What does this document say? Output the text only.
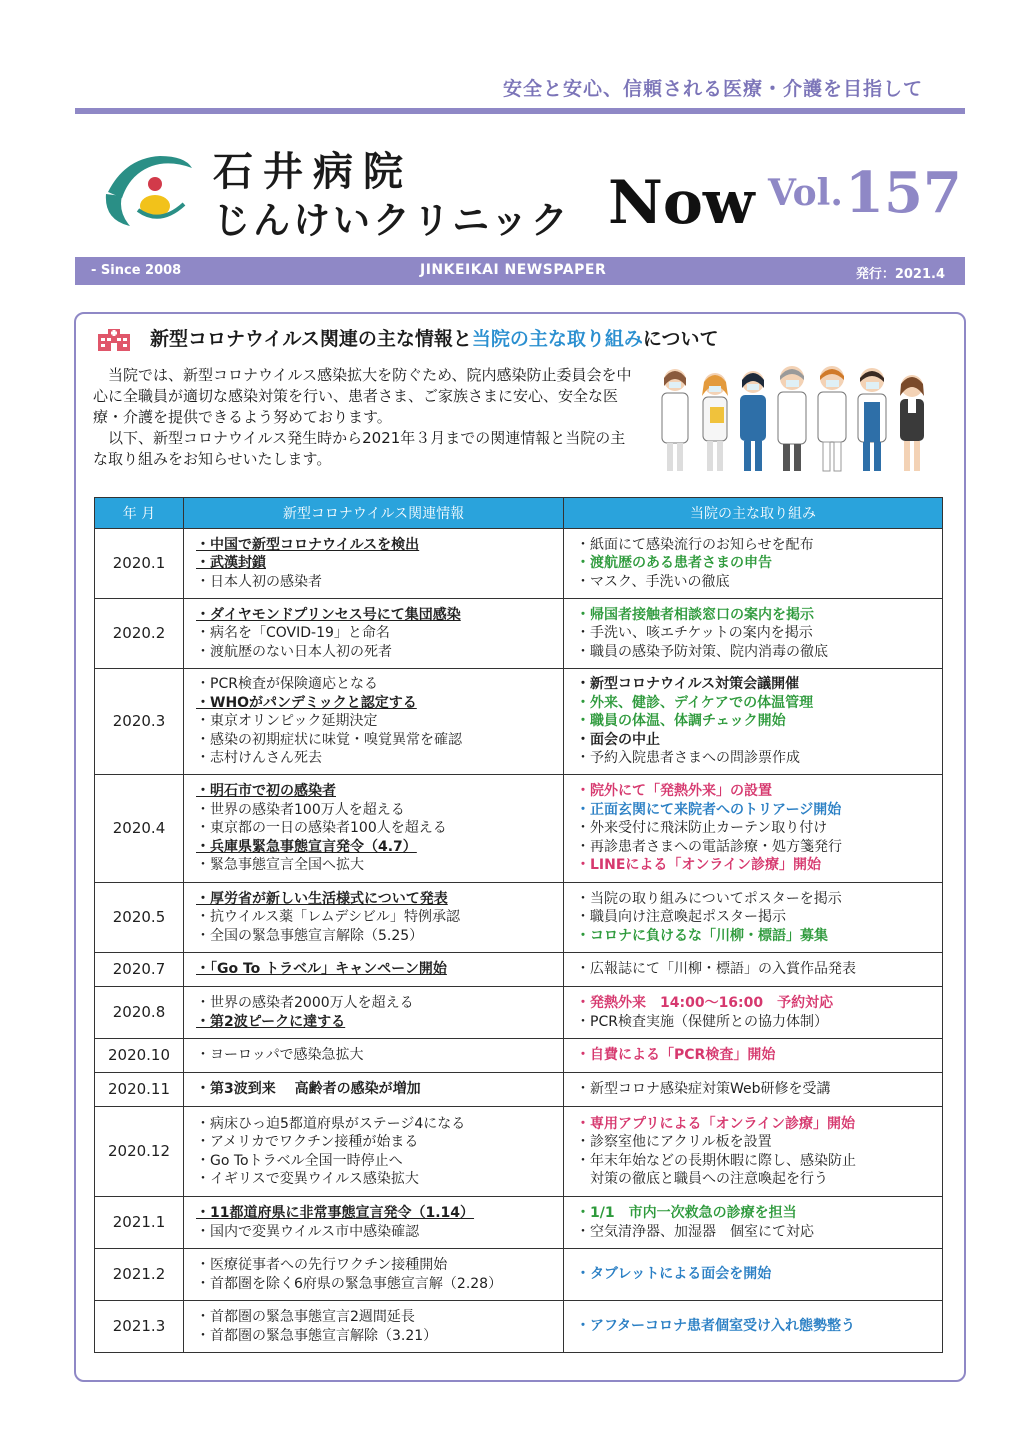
安全と安心、信頼される医療・介護を目指して
石井病院
じんけいクリニック Now Vol. 157
- Since 2008	JINKEIKAI NEWSPAPER	発行：2021.4
新型コロナウイルス関連の主な情報と当院の主な取り組みについて

当院では、新型コロナウイルス感染拡大を防ぐため、院内感染防止委員会を中心に全職員が適切な感染対策を行い、患者さま、ご家族さまに安心、安全な医療・介護を提供できるよう努めております。

以下、新型コロナウイルス発生時から2021年３月までの関連情報と当院の主な取り組みをお知らせいたします。

年 月	新型コロナウイルス関連情報	当院の主な取り組み
2020.1	・中国で新型コロナウイルスを検出
・武漢封鎖
・日本人初の感染者	・紙面にて感染流行のお知らせを配布
・渡航歴のある患者さまの申告
・マスク、手洗いの徹底

2020.2	・ダイヤモンドプリンセス号にて集団感染
・病名を「COVID-19」と命名
・渡航歴のない日本人初の死者	・帰国者接触者相談窓口の案内を掲示
・手洗い、咳エチケットの案内を掲示
・職員の感染予防対策、院内消毒の徹底

2020.3	・PCR検査が保険適応となる
・WHOがパンデミックと認定する
・東京オリンピック延期決定
・感染の初期症状に味覚・嗅覚異常を確認
・志村けんさん死去	・新型コロナウイルス対策会議開催
・外来、健診、デイケアでの体温管理
・職員の体温、体調チェック開始
・面会の中止
・予約入院患者さまへの問診票作成

2020.4	・明石市で初の感染者
・世界の感染者100万人を超える
・東京都の一日の感染者100人を超える
・兵庫県緊急事態宣言発令（4.7）
・緊急事態宣言全国へ拡大	・院外にて「発熱外来」の設置
・正面玄関にて来院者へのトリアージ開始
・外来受付に飛沫防止カーテン取り付け
・再診患者さまへの電話診療・処方箋発行
・LINEによる「オンライン診療」開始

2020.5	・厚労省が新しい生活様式について発表
・抗ウイルス薬「レムデシビル」特例承認
・全国の緊急事態宣言解除（5.25）	・当院の取り組みについてポスターを掲示
・職員向け注意喚起ポスター掲示
・コロナに負けるな「川柳・標語」募集

2020.7	・「Go To トラベル」キャンペーン開始	・広報誌にて「川柳・標語」の入賞作品発表

2020.8	・世界の感染者2000万人を超える
・第2波ピークに達する	・発熱外来　14:00～16:00　予約対応
・PCR検査実施（保健所との協力体制）

2020.10	・ヨーロッパで感染急拡大	・自費による「PCR検査」開始

2020.11	・第3波到来　 高齢者の感染が増加	・新型コロナ感染症対策Web研修を受講

2020.12	・病床ひっ迫5都道府県がステージ4になる
・アメリカでワクチン接種が始まる
・Go Toトラベル全国一時停止へ
・イギリスで変異ウイルス感染拡大	・専用アプリによる「オンライン診療」開始
・診察室他にアクリル板を設置
・年末年始などの長期休暇に際し、感染防止
　対策の徹底と職員への注意喚起を行う

2021.1	・11都道府県に非常事態宣言発令（1.14）
・国内で変異ウイルス市中感染確認	・1/1　市内一次救急の診療を担当
・空気清浄器、加湿器　個室にて対応

2021.2	・医療従事者への先行ワクチン接種開始
・首都圏を除く6府県の緊急事態宣言解（2.28）	・タブレットによる面会を開始

2021.3	・首都圏の緊急事態宣言2週間延長
・首都圏の緊急事態宣言解除（3.21）	・アフターコロナ患者個室受け入れ態勢整う
